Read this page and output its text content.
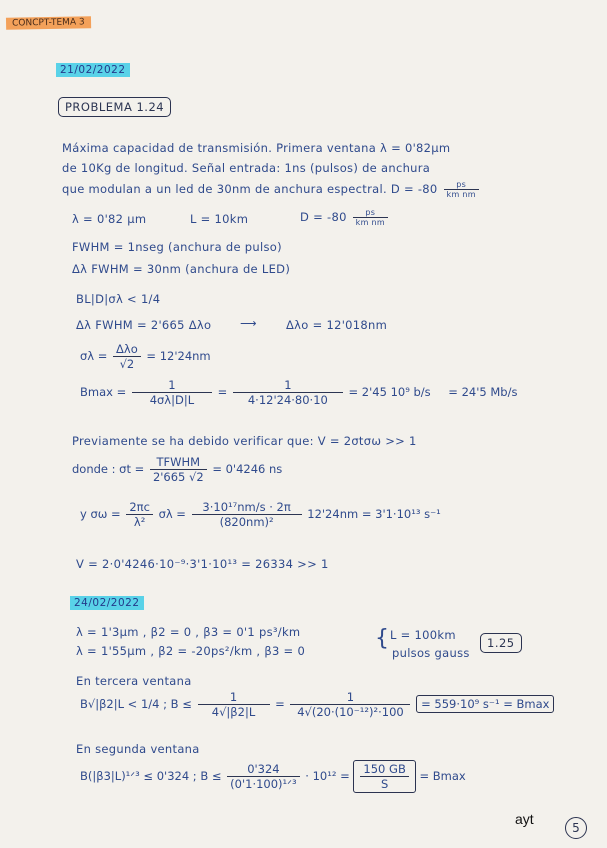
CONCPT-TEMA 3
21/02/2022
PROBLEMA 1.24
Máxima capacidad de transmisión. Primera ventana λ = 0'82μm
de 10Kg de longitud. Señal entrada: 1ns (pulsos) de anchura
que modulan a un led de 30nm de anchura espectral. $D = -80 \frac{ps}{\text{km nm}}$
λ = 0'82 μm	L = 10km	$D = -80 \frac{ps}{\text{km nm}}$
FWHM = 1nseg (anchura de pulso)
Δλ FWHM = 30nm (anchura de LED)
BL|D|σλ < 1/4
Δλ FWHM = 2'665 Δλo ⟶	Δλo = 12'018nm
$\sigma\lambda = \frac{\text{Δλo}}{√2} = 12'24nm$
$Bmax = \frac{1}{4\sigma\lambda|D|L} = \frac{1}{4\cdot 12'24\cdot 80\cdot 10} = 2'45$ 10⁹ b/s = 24'5 Mb/s
Previamente se ha debido verificar que: V = 2σtσω >> 1
donde : $\sigma t = \frac{\text{TFWHM}}{2'665 √2} = 0'4246$ ns
y $\sigma\omega = \frac{2\pi c}{\text{λ²}}$ $\sigma\lambda = \frac{\text{3·10¹⁷nm/s · 2π}}{\text{(820nm)²}} 12'24nm = 3'1\cdot 10^{13}$ s⁻¹
V = 2·0'4246·10⁻⁹·3'1·10¹³ = 26334 >> 1
24/02/2022
λ = 1'3μm , β2 = 0 , β3 = 0'1 ps³/km
λ = 1'55μm , β2 = -20ps²/km , β3 = 0	{ L = 100km
pulsos gauss
1.25
En tercera ventana
B√|β2|L < 1/4 ; $B \le \frac{1}{4√|\beta 2|L} = \frac{1}{\text{4√(20·(10⁻¹²)²·100}} = 559\cdot 10^9$ s⁻¹ = Bmax
En segunda ventana
B(|β3|L)¹ᐟ³ ≤ 0'324 ; $B \le \frac{0'324}{\text{(0'1·100)¹ᐟ³}} \cdot 10^{12} = \frac{150 GB}{S} = Bmax$
ayt
5
